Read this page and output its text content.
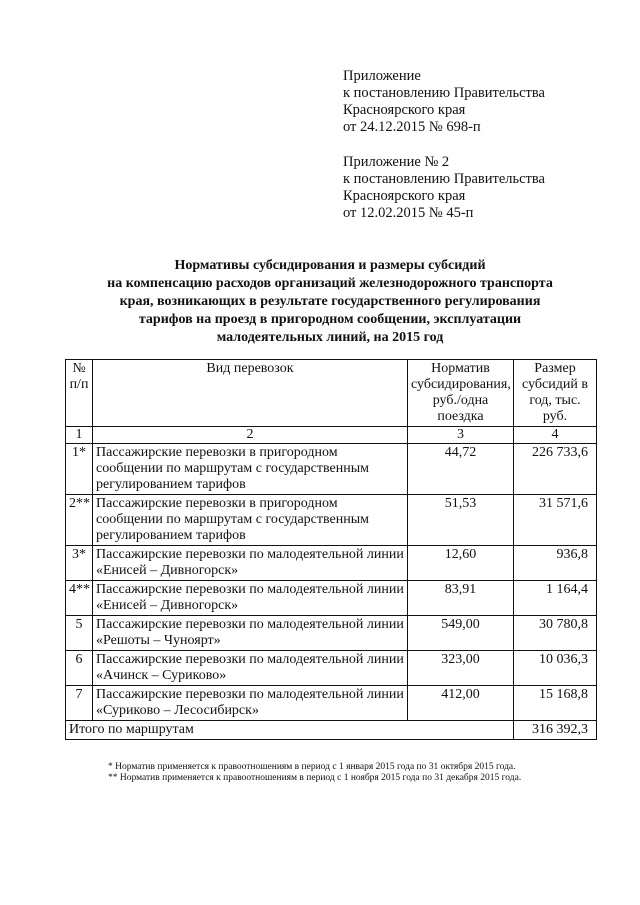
Приложение
к постановлению Правительства
Красноярского края
от 24.12.2015 № 698-п
Приложение № 2
к постановлению Правительства
Красноярского края
от 12.02.2015 № 45-п
Нормативы субсидирования и размеры субсидий
на компенсацию расходов организаций железнодорожного транспорта
края, возникающих в результате государственного регулирования
тарифов на проезд в пригородном сообщении, эксплуатации
малодеятельных линий, на 2015 год
№ п/п	Вид перевозок	Норматив субсидирования, руб./одна поездка	Размер субсидий в год, тыс. руб.
1	2	3	4
1*	Пассажирские перевозки в пригородном сообщении по маршрутам с государственным регулированием тарифов	44,72	226 733,6
2**	Пассажирские перевозки в пригородном сообщении по маршрутам с государственным регулированием тарифов	51,53	31 571,6
3*	Пассажирские перевозки по малодеятельной линии «Енисей – Дивногорск»	12,60	936,8
4**	Пассажирские перевозки по малодеятельной линии «Енисей – Дивногорск»	83,91	1 164,4
5	Пассажирские перевозки по малодеятельной линии «Решоты – Чуноярт»	549,00	30 780,8
6	Пассажирские перевозки по малодеятельной линии «Ачинск – Суриково»	323,00	10 036,3
7	Пассажирские перевозки по малодеятельной линии «Суриково – Лесосибирск»	412,00	15 168,8
Итого по маршрутам			316 392,3
* Норматив применяется к правоотношениям в период с 1 января 2015 года по 31 октября 2015 года.
** Норматив применяется к правоотношениям в период с 1 ноября 2015 года по 31 декабря 2015 года.
